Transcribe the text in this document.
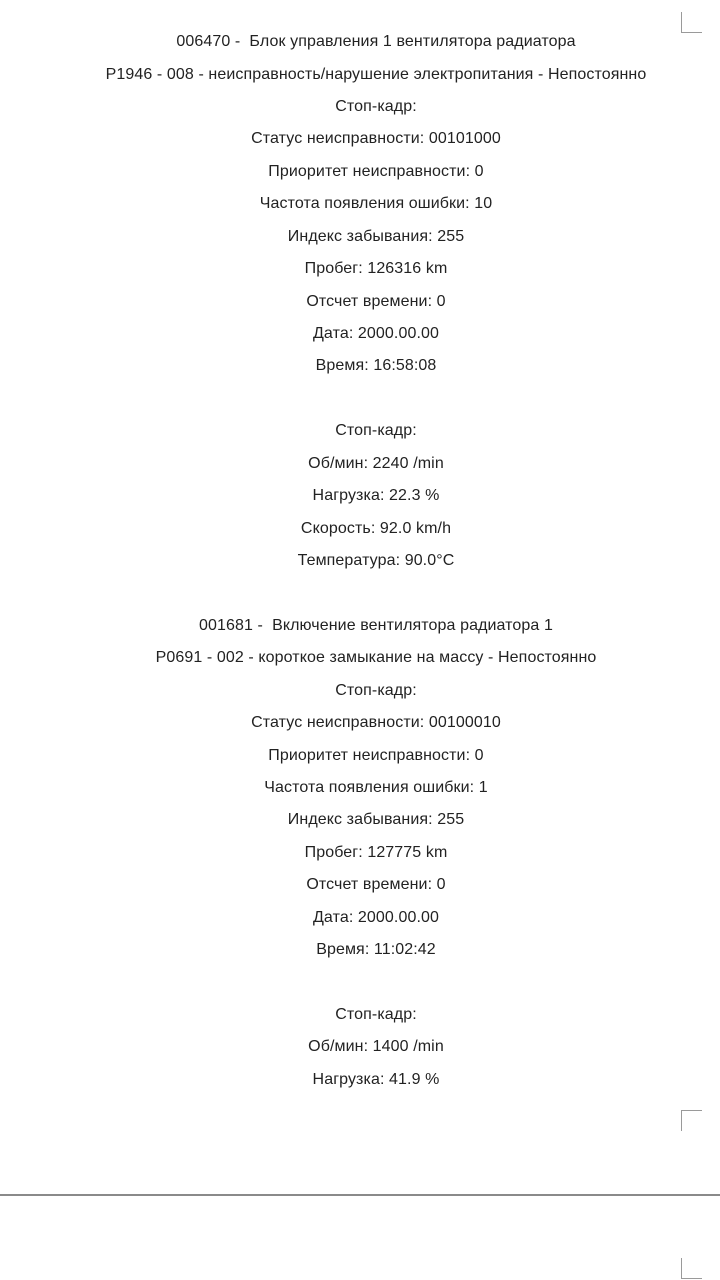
006470 -  Блок управления 1 вентилятора радиатора
P1946 - 008 - неисправность/нарушение электропитания - Непостоянно
Стоп-кадр:
Статус неисправности: 00101000
Приоритет неисправности: 0
Частота появления ошибки: 10
Индекс забывания: 255
Пробег: 126316 km
Отсчет времени: 0
Дата: 2000.00.00
Время: 16:58:08
Стоп-кадр:
Об/мин: 2240 /min
Нагрузка: 22.3 %
Скорость: 92.0 km/h
Температура: 90.0°C
001681 -  Включение вентилятора радиатора 1
P0691 - 002 - короткое замыкание на массу - Непостоянно
Стоп-кадр:
Статус неисправности: 00100010
Приоритет неисправности: 0
Частота появления ошибки: 1
Индекс забывания: 255
Пробег: 127775 km
Отсчет времени: 0
Дата: 2000.00.00
Время: 11:02:42
Стоп-кадр:
Об/мин: 1400 /min
Нагрузка: 41.9 %
